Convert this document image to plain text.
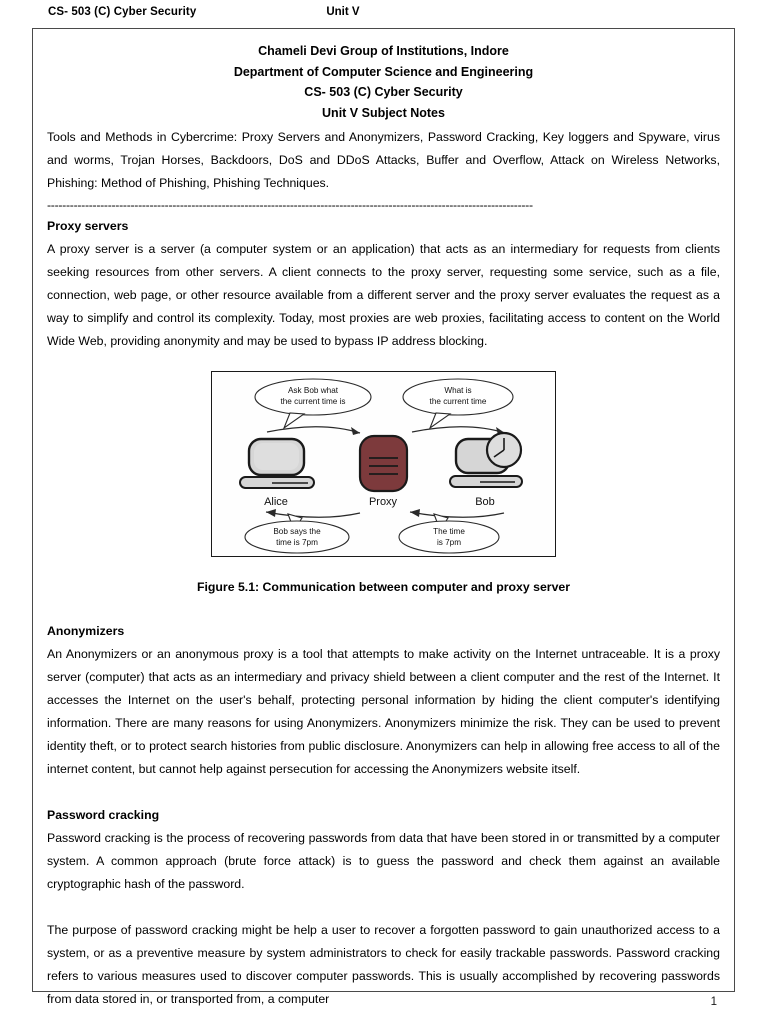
CS- 503 (C) Cyber Security	Unit V
Chameli Devi Group of Institutions, Indore
Department of Computer Science and Engineering
CS- 503 (C) Cyber Security
Unit V Subject Notes

Tools and Methods in Cybercrime: Proxy Servers and Anonymizers, Password Cracking, Key loggers and Spyware, virus and worms, Trojan Horses, Backdoors, DoS and DDoS Attacks, Buffer and Overflow, Attack on Wireless Networks, Phishing: Method of Phishing, Phishing Techniques.

--------------------------------------------------------------------------------------------------------------------------------
Proxy servers

A proxy server is a server (a computer system or an application) that acts as an intermediary for requests from clients seeking resources from other servers. A client connects to the proxy server, requesting some service, such as a file, connection, web page, or other resource available from a different server and the proxy server evaluates the request as a way to simplify and control its complexity. Today, most proxies are web proxies, facilitating access to content on the World Wide Web, providing anonymity and may be used to bypass IP address blocking.

Ask Bob what
the current time is
What is
the current time
Alice	Proxy	Bob
Bob says the
time is 7pm
The time
is 7pm
Figure 5.1: Communication between computer and proxy server
Anonymizers

An Anonymizers or an anonymous proxy is a tool that attempts to make activity on the Internet untraceable. It is a proxy server (computer) that acts as an intermediary and privacy shield between a client computer and the rest of the Internet. It accesses the Internet on the user's behalf, protecting personal information by hiding the client computer's identifying information. There are many reasons for using Anonymizers. Anonymizers minimize the risk. They can be used to prevent identity theft, or to protect search histories from public disclosure. Anonymizers can help in allowing free access to all of the internet content, but cannot help against persecution for accessing the Anonymizers website itself.

Password cracking

Password cracking is the process of recovering passwords from data that have been stored in or transmitted by a computer system. A common approach (brute force attack) is to guess the password and check them against an available cryptographic hash of the password.

The purpose of password cracking might be help a user to recover a forgotten password to gain unauthorized access to a system, or as a preventive measure by system administrators to check for easily trackable passwords. Password cracking refers to various measures used to discover computer passwords. This is usually accomplished by recovering passwords from data stored in, or transported from, a computer	1
